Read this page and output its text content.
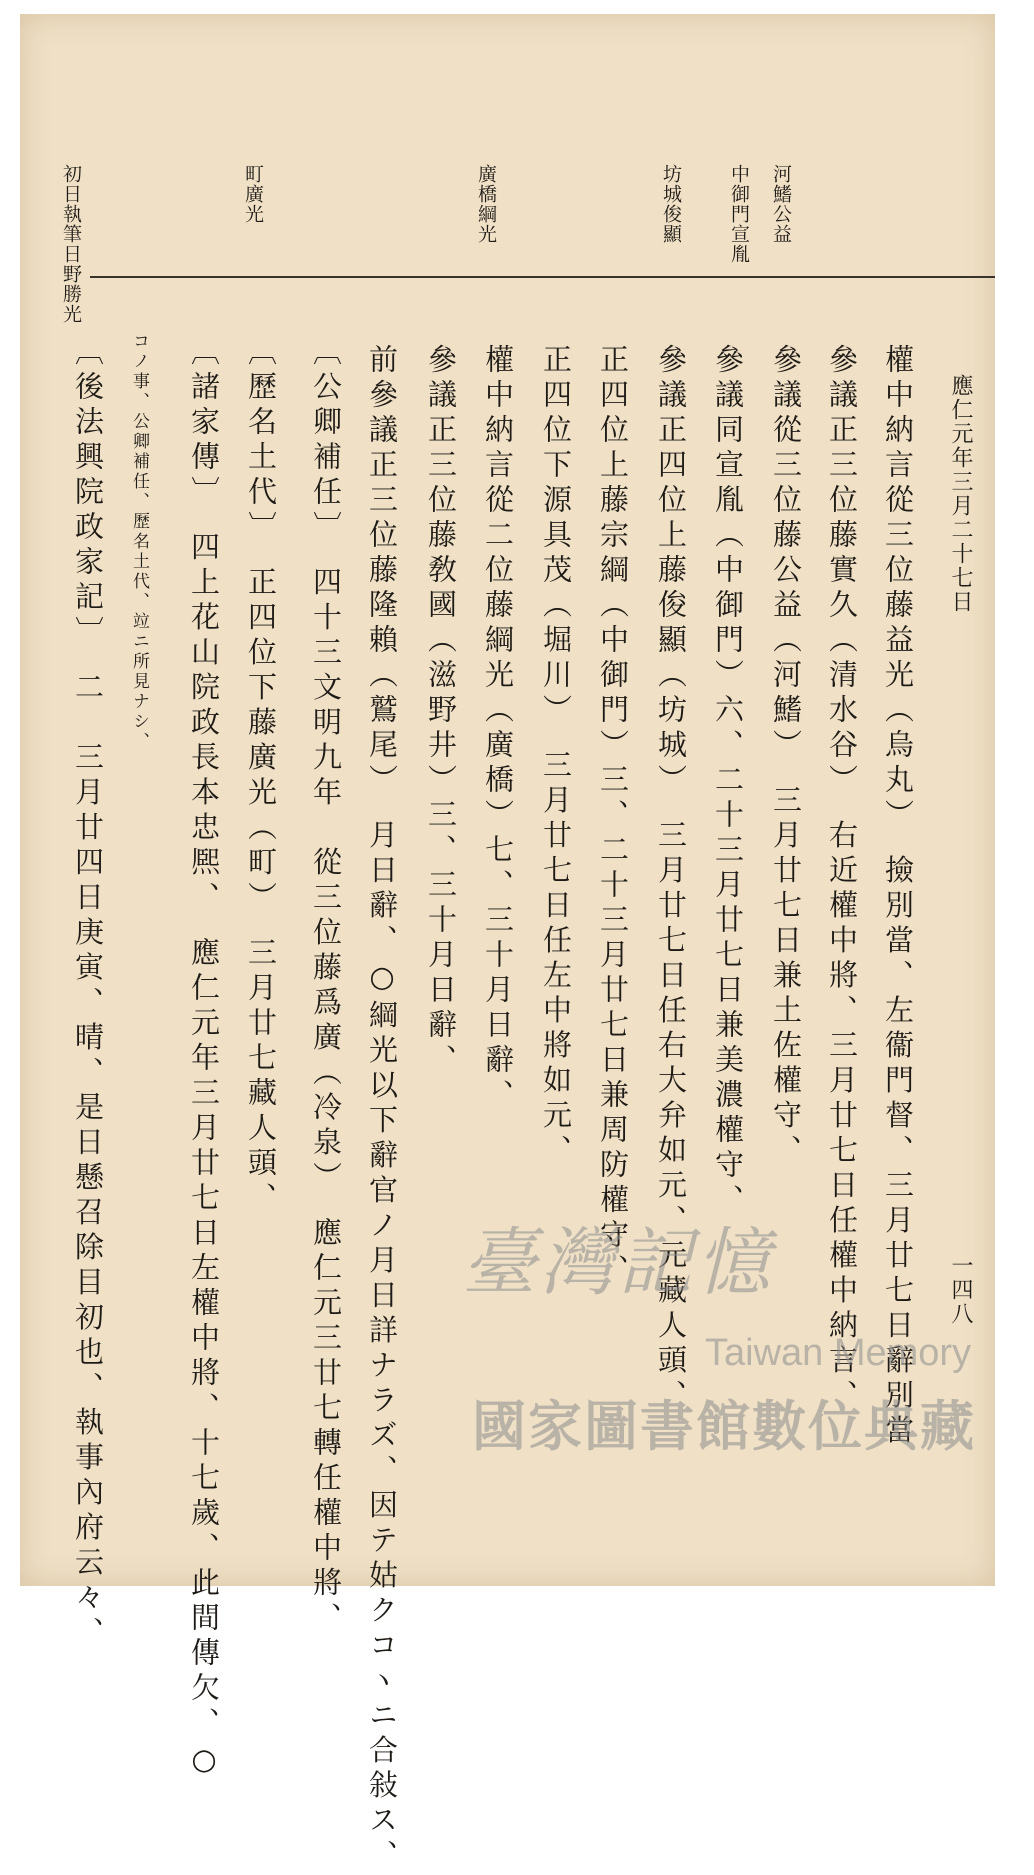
應仁元年三月二十七日
一四八
河鰭公益
中御門宣胤
坊城俊顯
廣橋綱光
町廣光
初日執筆日野勝光
權中納言從三位藤益光（烏丸）　撿別當、左衞門督、三月廿七日辭別當
參議正三位藤實久（清水谷）　右近權中將、三月廿七日任權中納言、
參議從三位藤公益（河鰭）　三月廿七日兼土佐權守、
參議同宣胤（中御門）六、二十三月廿七日兼美濃權守、
參議正四位上藤俊顯（坊城）　三月廿七日任右大弁如元、元藏人頭、
正四位上藤宗綱（中御門）三、二十三月廿七日兼周防權守、
正四位下源具茂（堀川）　三月廿七日任左中將如元、
權中納言從二位藤綱光（廣橋）七、三十月日辭、
參議正三位藤敎國（滋野井）三、三十月日辭、
前參議正三位藤隆賴（鷲尾）　月日辭、○綱光以下辭官ノ月日詳ナラズ、因テ姑クコヽニ合敍ス、
〔公卿補任〕　四十三文明九年　從三位藤爲廣（冷泉）　應仁元三廿七轉任權中將、
〔歷名土代〕　正四位下藤廣光（町）　三月廿七藏人頭、
〔諸家傳〕　四上花山院政長本忠熈、　應仁元年三月廿七日左權中將、十七歲、此間傳欠、○
コノ事、公卿補任、歷名土代、竝ニ所見ナシ、
〔後法興院政家記〕　二　三月廿四日庚寅、晴、是日懸召除目初也、執事內府云々、	臺灣記憶
Taiwan Memory
國家圖書館數位典藏
